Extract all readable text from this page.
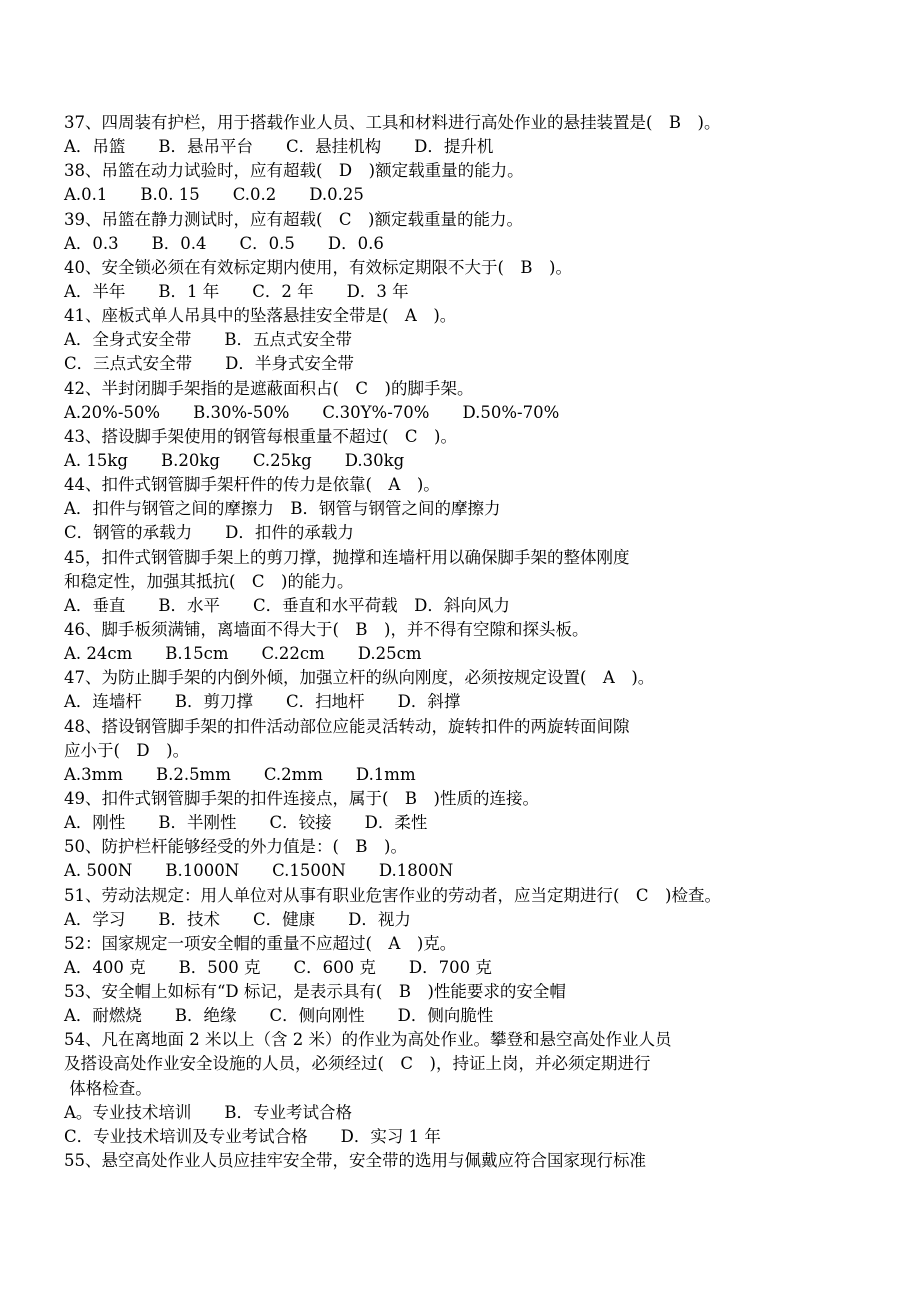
37、四周装有护栏，用于搭载作业人员、工具和材料进行高处作业的悬挂装置是(　B　)。
A．吊篮　　B．悬吊平台　　C．悬挂机构　　D．提升机
38、吊篮在动力试验时，应有超载(　D　)额定载重量的能力。
A.0.1　　B.0. 15　　C.0.2　　D.0.25
39、吊篮在静力测试时，应有超载(　C　)额定载重量的能力。
A．0.3　　B．0.4　　C．0.5　　D．0.6
40、安全锁必须在有效标定期内使用，有效标定期限不大于(　B　)。
A．半年　　B．1 年　　C．2 年　　D．3 年
41、座板式单人吊具中的坠落悬挂安全带是(　A　)。
A．全身式安全带　　B．五点式安全带
C．三点式安全带　　D．半身式安全带
42、半封闭脚手架指的是遮蔽面积占(　C　)的脚手架。
A.20%-50%　　B.30%-50%　　C.30Y%-70%　　D.50%-70%
43、搭设脚手架使用的钢管每根重量不超过(　C　)。
A. 15kg　　B.20kg　　C.25kg　　D.30kg
44、扣件式钢管脚手架杆件的传力是依靠(　A　)。
A．扣件与钢管之间的摩擦力　B．钢管与钢管之间的摩擦力
C．钢管的承载力　　D．扣件的承载力
45，扣件式钢管脚手架上的剪刀撑，抛撑和连墙杆用以确保脚手架的整体刚度
和稳定性，加强其抵抗(　C　)的能力。
A．垂直　　B．水平　　C．垂直和水平荷载　D．斜向风力
46、脚手板须满铺，离墙面不得大于(　B　)，并不得有空隙和探头板。
A. 24cm　　B.15cm　　C.22cm　　D.25cm
47、为防止脚手架的内倒外倾，加强立杆的纵向刚度，必须按规定设置(　A　)。
A．连墙杆　　B．剪刀撑　　C．扫地杆　　D．斜撑
48、搭设钢管脚手架的扣件活动部位应能灵活转动，旋转扣件的两旋转面间隙
应小于(　D　)。
A.3mm　　B.2.5mm　　C.2mm　　D.1mm
49、扣件式钢管脚手架的扣件连接点，属于(　B　)性质的连接。
A．刚性　　B．半刚性　　C．铰接　　D．柔性
50、防护栏杆能够经受的外力值是：(　B　)。
A. 500N　　B.1000N　　C.1500N　　D.1800N
51、劳动法规定：用人单位对从事有职业危害作业的劳动者，应当定期进行(　C　)检查。
A．学习　　B．技术　　C．健康　　D．视力
52：国家规定一项安全帽的重量不应超过(　A　)克。
A．400 克　　B．500 克　　C．600 克　　D．700 克
53、安全帽上如标有“D 标记，是表示具有(　B　)性能要求的安全帽
A．耐燃烧　　B．绝缘　　C．侧向刚性　　D．侧向脆性
54、凡在离地面 2 米以上（含 2 米）的作业为高处作业。攀登和悬空高处作业人员
及搭设高处作业安全设施的人员，必须经过(　C　)，持证上岗，并必须定期进行
体格检查。
A。专业技术培训　　B．专业考试合格
C．专业技术培训及专业考试合格　　D．实习 1 年
55、悬空高处作业人员应挂牢安全带，安全带的选用与佩戴应符合国家现行标准
